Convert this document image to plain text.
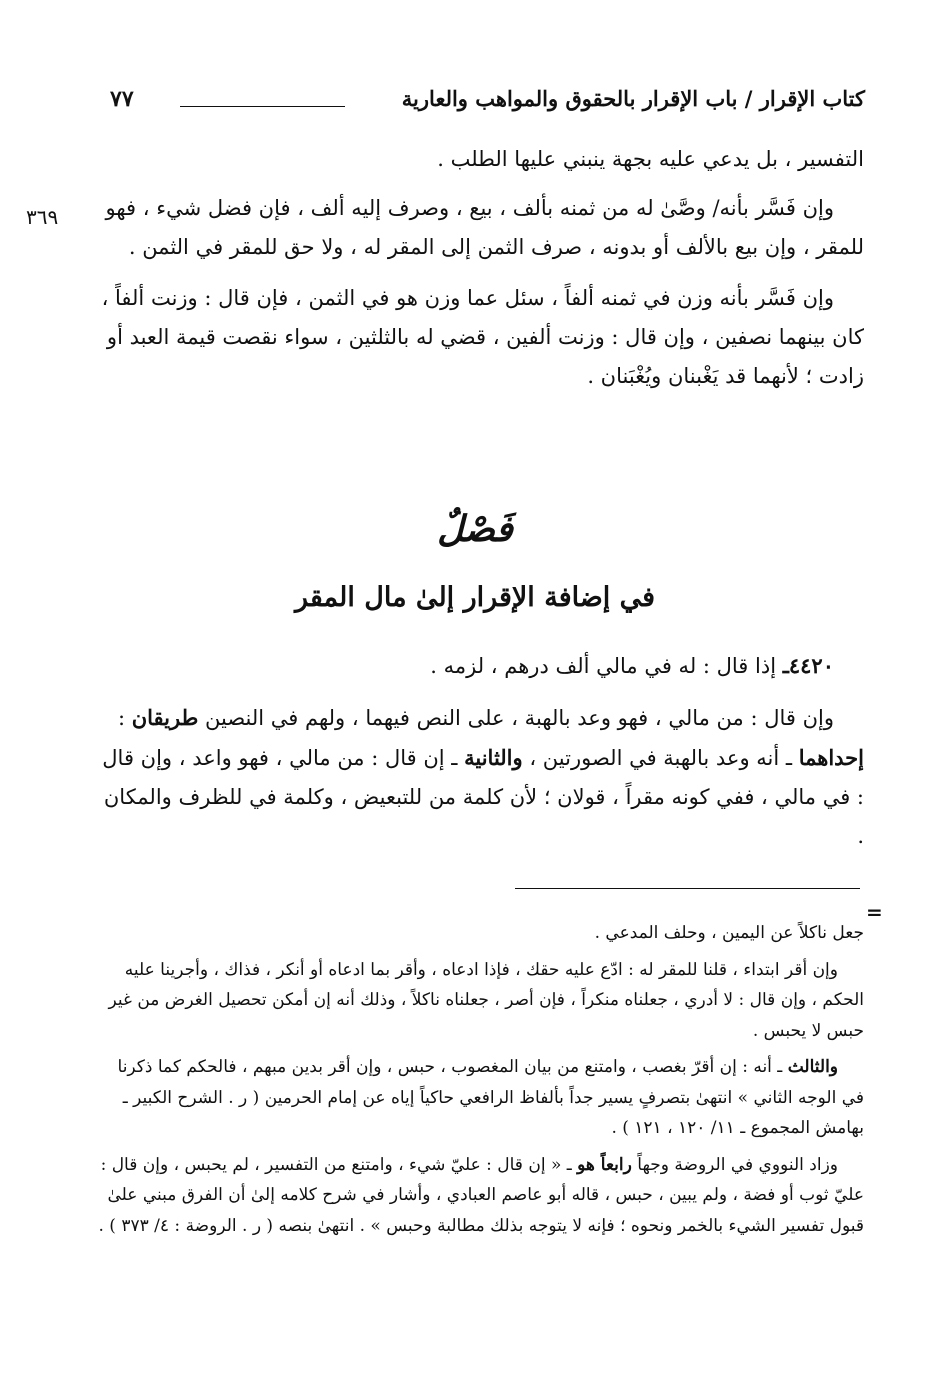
كتاب الإقرار / باب الإقرار بالحقوق والمواهب والعارية
٧٧
٣٦٩

التفسير ، بل يدعي عليه بجهة ينبني عليها الطلب .

وإن فَسَّر بأنه/ وصَّىٰ له من ثمنه بألف ، بيع ، وصرف إليه ألف ، فإن فضل شيء ، فهو للمقر ، وإن بيع بالألف أو بدونه ، صرف الثمن إلى المقر له ، ولا حق للمقر في الثمن .

وإن فَسَّر بأنه وزن في ثمنه ألفاً ، سئل عما وزن هو في الثمن ، فإن قال : وزنت ألفاً ، كان بينهما نصفين ، وإن قال : وزنت ألفين ، قضي له بالثلثين ، سواء نقصت قيمة العبد أو زادت ؛ لأنهما قد يَغْبنان ويُغْبَنان .

فَصْلٌ
في إضافة الإقرار إلىٰ مال المقر

٤٤٢٠ـ إذا قال : له في مالي ألف درهم ، لزمه .

وإن قال : من مالي ، فهو وعد بالهبة ، على النص فيهما ، ولهم في النصين طريقان : إحداهما ـ أنه وعد بالهبة في الصورتين ، والثانية ـ إن قال : من مالي ، فهو واعد ، وإن قال : في مالي ، ففي كونه مقراً ، قولان ؛ لأن كلمة من للتبعيض ، وكلمة في للظرف والمكان .

=

جعل ناكلاً عن اليمين ، وحلف المدعي .

وإن أقر ابتداء ، قلنا للمقر له : ادّع عليه حقك ، فإذا ادعاه ، وأقر بما ادعاه أو أنكر ، فذاك ، وأجرينا عليه الحكم ، وإن قال : لا أدري ، جعلناه منكراً ، فإن أصر ، جعلناه ناكلاً ، وذلك أنه إن أمكن تحصيل الغرض من غير حبس لا يحبس .

والثالث ـ أنه : إن أقرّ بغصب ، وامتنع من بيان المغصوب ، حبس ، وإن أقر بدين مبهم ، فالحكم كما ذكرنا في الوجه الثاني » انتهىٰ بتصرفٍ يسير جداً بألفاظ الرافعي حاكياً إياه عن إمام الحرمين ( ر . الشرح الكبير ـ بهامش المجموع ـ ١١/ ١٢٠ ، ١٢١ ) .

وزاد النووي في الروضة وجهاً رابعاً هو ـ « إن قال : عليّ شيء ، وامتنع من التفسير ، لم يحبس ، وإن قال : عليّ ثوب أو فضة ، ولم يبين ، حبس ، قاله أبو عاصم العبادي ، وأشار في شرح كلامه إلىٰ أن الفرق مبني علىٰ قبول تفسير الشيء بالخمر ونحوه ؛ فإنه لا يتوجه بذلك مطالبة وحبس » . انتهىٰ بنصه ( ر . الروضة : ٤/ ٣٧٣ ) .
